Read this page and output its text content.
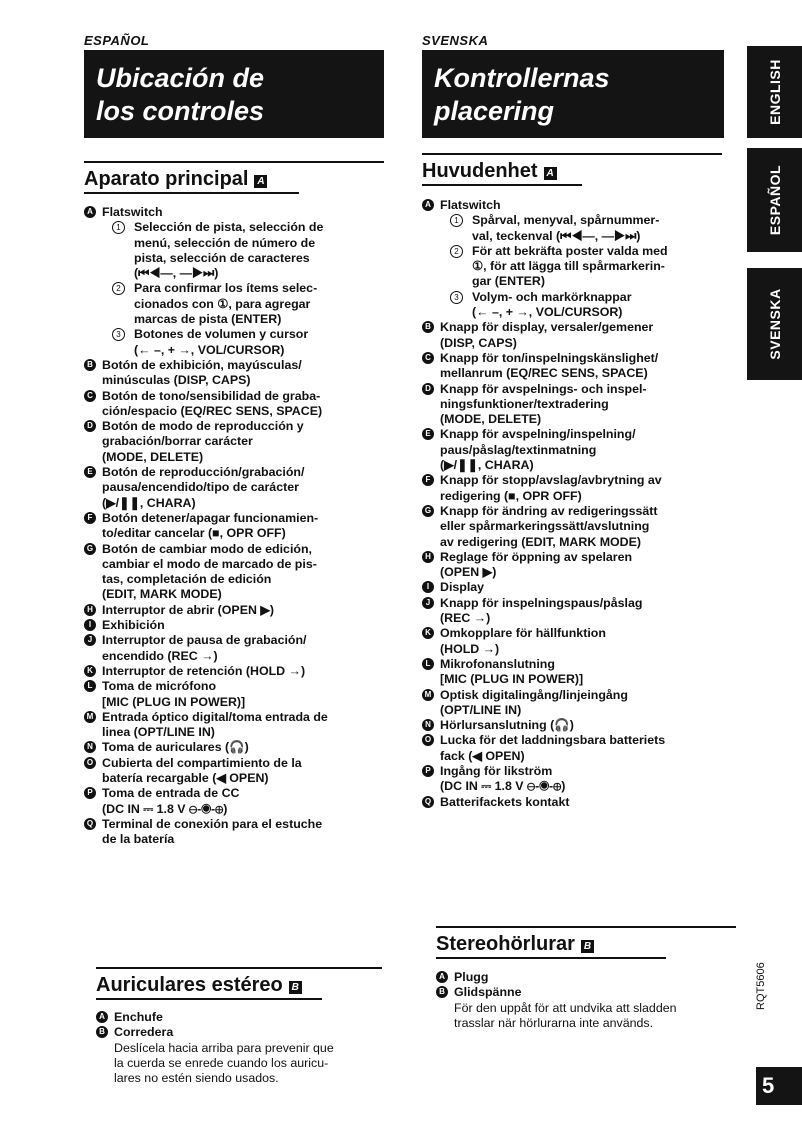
ESPAÑOL
Ubicación de
los controles
Aparato principal A
A Flatswitch
1	Selección de pista, selección de
menú, selección de número de
pista, selección de caracteres
(⏮◀—, —▶⏭)
2	Para confirmar los ítems selec-
cionados con ①, para agregar
marcas de pista (ENTER)
3	Botones de volumen y cursor
(← –, + →, VOL/CURSOR)
B Botón de exhibición, mayúsculas/
minúsculas (DISP, CAPS)
C Botón de tono/sensibilidad de graba-
ción/espacio (EQ/REC SENS, SPACE)
D Botón de modo de reproducción y
grabación/borrar carácter
(MODE, DELETE)
E Botón de reproducción/grabación/
pausa/encendido/tipo de carácter
(▶/❚❚, CHARA)
F Botón detener/apagar funcionamien-
to/editar cancelar (■, OPR OFF)
G Botón de cambiar modo de edición,
cambiar el modo de marcado de pis-
tas, completación de edición
(EDIT, MARK MODE)
H Interruptor de abrir (OPEN ▶)
I Exhibición
J Interruptor de pausa de grabación/
encendido (REC →)
K Interruptor de retención (HOLD →)
L Toma de micrófono
[MIC (PLUG IN POWER)]
M Entrada óptico digital/toma entrada de
linea (OPT/LINE IN)
N Toma de auriculares (🎧)
O Cubierta del compartimiento de la
batería recargable (◀ OPEN)
P Toma de entrada de CC
(DC IN ⎓ 1.8 V ⊖-◉-⊕)
Q Terminal de conexión para el estuche
de la batería
Auriculares estéreo B
A Enchufe
B Corredera
Deslícela hacia arriba para prevenir que
la cuerda se enrede cuando los auricu-
lares no estén siendo usados.
SVENSKA
Kontrollernas
placering
Huvudenhet A
A Flatswitch
1	Spårval, menyval, spårnummer-
val, teckenval (⏮◀—, —▶⏭)
2	För att bekräfta poster valda med
①, för att lägga till spårmarkerin-
gar (ENTER)
3	Volym- och markörknappar
(← –, + →, VOL/CURSOR)
B Knapp för display, versaler/gemener
(DISP, CAPS)
C Knapp för ton/inspelningskänslighet/
mellanrum (EQ/REC SENS, SPACE)
D Knapp för avspelnings- och inspel-
ningsfunktioner/textradering
(MODE, DELETE)
E Knapp för avspelning/inspelning/
paus/påslag/textinmatning
(▶/❚❚, CHARA)
F Knapp för stopp/avslag/avbrytning av
redigering (■, OPR OFF)
G Knapp för ändring av redigeringssätt
eller spårmarkeringssätt/avslutning
av redigering (EDIT, MARK MODE)
H Reglage för öppning av spelaren
(OPEN ▶)
I Display
J Knapp för inspelningspaus/påslag
(REC →)
K Omkopplare för hällfunktion
(HOLD →)
L Mikrofonanslutning
[MIC (PLUG IN POWER)]
M Optisk digitalingång/linjeingång
(OPT/LINE IN)
N Hörlursanslutning (🎧)
O Lucka för det laddningsbara batteriets
fack (◀ OPEN)
P Ingång för likström
(DC IN ⎓ 1.8 V ⊖-◉-⊕)
Q Batterifackets kontakt
Stereohörlurar B
A Plugg
B Glidspänne
För den uppåt för att undvika att sladden
trasslar när hörlurarna inte används.
ENGLISH
ESPAÑOL
SVENSKA
RQT5606
5
